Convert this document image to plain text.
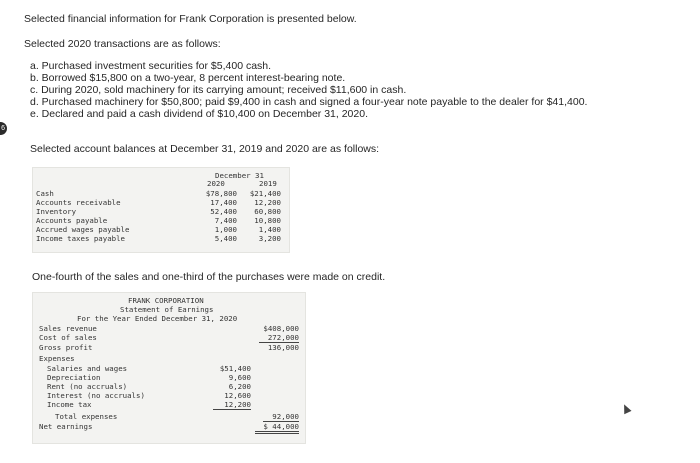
6
Selected financial information for Frank Corporation is presented below.
Selected 2020 transactions are as follows:
a. Purchased investment securities for $5,400 cash.
b. Borrowed $15,800 on a two-year, 8 percent interest-bearing note.
c. During 2020, sold machinery for its carrying amount; received $11,600 in cash.
d. Purchased machinery for $50,800; paid $9,400 in cash and signed a four-year note payable to the dealer for $41,400.
e. Declared and paid a cash dividend of $10,400 on December 31, 2020.
Selected account balances at December 31, 2019 and 2020 are as follows:
December 31
2020	2019
Cash	$78,800	$21,400
Accounts receivable	17,400	12,200
Inventory	52,400	60,800
Accounts payable	7,400	10,800
Accrued wages payable	1,000	1,400
Income taxes payable	5,400	3,200
One-fourth of the sales and one-third of the purchases were made on credit.
FRANK CORPORATION
Statement of Earnings
For the Year Ended December 31, 2020
Sales revenue	$408,000
Cost of sales	272,000
Gross profit	136,000
Expenses
Salaries and wages	$51,400
Depreciation	9,600
Rent (no accruals)	6,200
Interest (no accruals)	12,600
Income tax	12,200
Total expenses	92,000
Net earnings	$ 44,000
